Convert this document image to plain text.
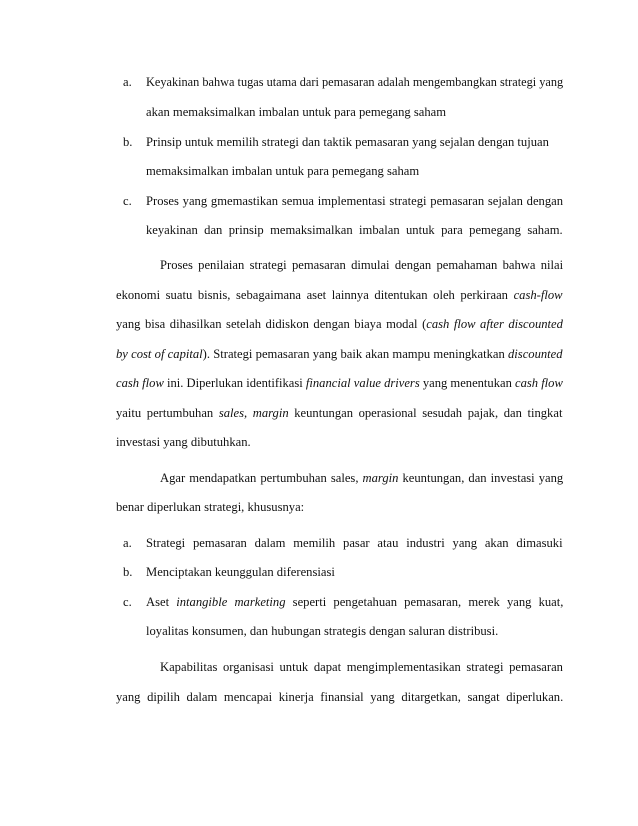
a. Keyakinan bahwa tugas utama dari pemasaran adalah mengembangkan strategi yang
akan memaksimalkan imbalan untuk para pemegang saham
b. Prinsip untuk memilih strategi dan taktik pemasaran yang sejalan dengan tujuan
memaksimalkan imbalan untuk para pemegang saham
c. Proses yang gmemastikan semua implementasi strategi pemasaran sejalan dengan
keyakinan dan prinsip memaksimalkan imbalan untuk para pemegang saham.
Proses penilaian strategi pemasaran dimulai dengan pemahaman bahwa nilai
ekonomi suatu bisnis, sebagaimana aset lainnya ditentukan oleh perkiraan cash-flow
yang bisa dihasilkan setelah didiskon dengan biaya modal (cash flow after discounted
by cost of capital). Strategi pemasaran yang baik akan mampu meningkatkan discounted
cash flow ini. Diperlukan identifikasi financial value drivers yang menentukan cash flow
yaitu pertumbuhan sales, margin keuntungan operasional sesudah pajak, dan tingkat
investasi yang dibutuhkan.
Agar mendapatkan pertumbuhan sales, margin keuntungan, dan investasi yang
benar diperlukan strategi, khususnya:
a. Strategi pemasaran dalam memilih pasar atau industri yang akan dimasuki
b. Menciptakan keunggulan diferensiasi
c. Aset intangible marketing seperti pengetahuan pemasaran, merek yang kuat,
loyalitas konsumen, dan hubungan strategis dengan saluran distribusi.
Kapabilitas organisasi untuk dapat mengimplementasikan strategi pemasaran
yang dipilih dalam mencapai kinerja finansial yang ditargetkan, sangat diperlukan.
